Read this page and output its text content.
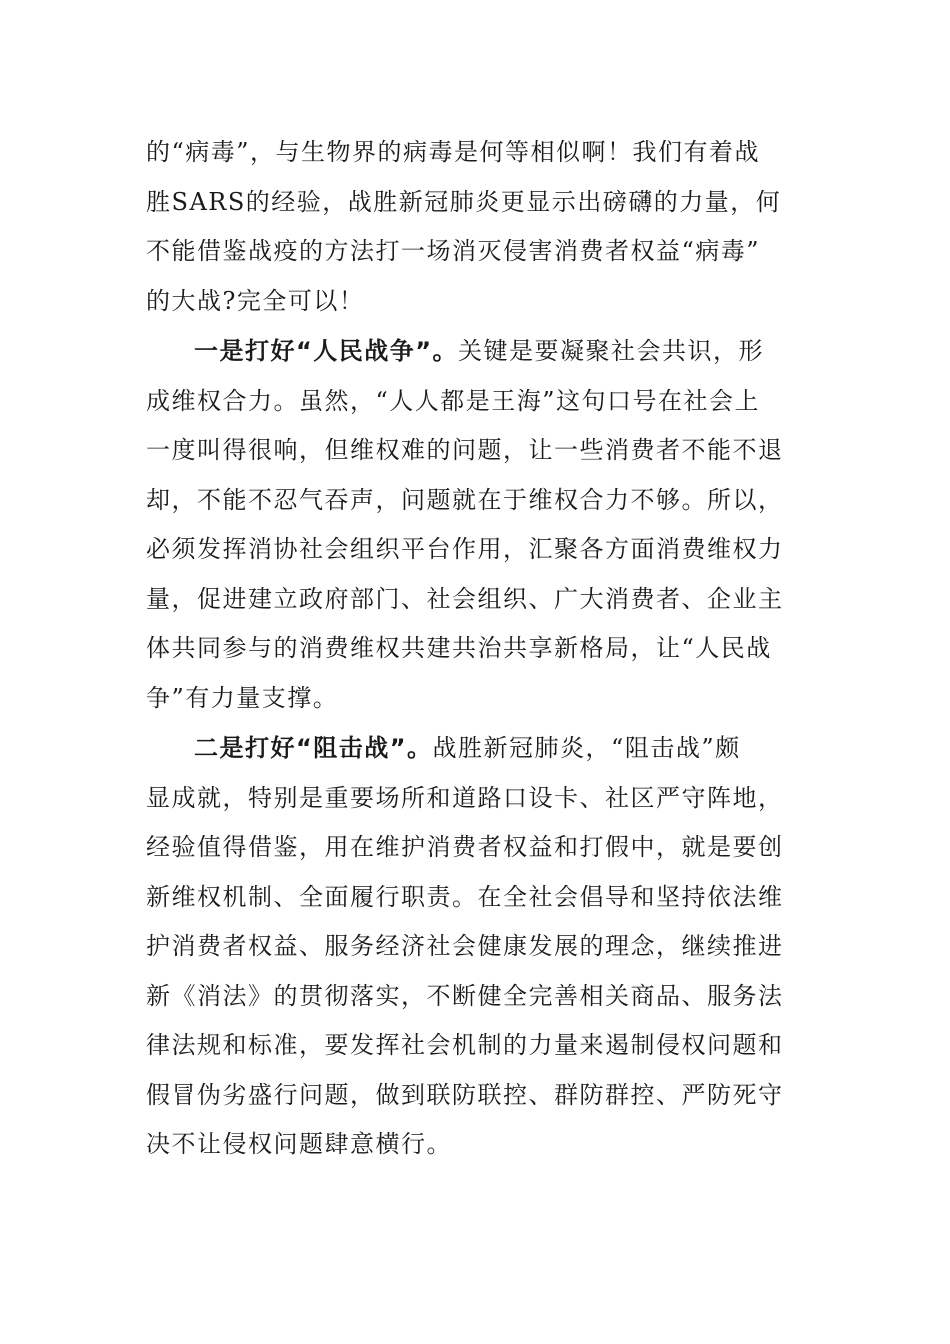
的“病毒”，与生物界的病毒是何等相似啊！我们有着战
胜SARS的经验，战胜新冠肺炎更显示出磅礴的力量，何
不能借鉴战疫的方法打一场消灭侵害消费者权益“病毒”
的大战?完全可以！
一是打好“人民战争”。关键是要凝聚社会共识，形
成维权合力。虽然，“人人都是王海”这句口号在社会上
一度叫得很响，但维权难的问题，让一些消费者不能不退
却，不能不忍气吞声，问题就在于维权合力不够。所以，
必须发挥消协社会组织平台作用，汇聚各方面消费维权力
量，促进建立政府部门、社会组织、广大消费者、企业主
体共同参与的消费维权共建共治共享新格局，让“人民战
争”有力量支撑。
二是打好“阻击战”。战胜新冠肺炎，“阻击战”颇
显成就，特别是重要场所和道路口设卡、社区严守阵地，
经验值得借鉴，用在维护消费者权益和打假中，就是要创
新维权机制、全面履行职责。在全社会倡导和坚持依法维
护消费者权益、服务经济社会健康发展的理念，继续推进
新《消法》的贯彻落实，不断健全完善相关商品、服务法
律法规和标准，要发挥社会机制的力量来遏制侵权问题和
假冒伪劣盛行问题，做到联防联控、群防群控、严防死守
决不让侵权问题肆意横行。
